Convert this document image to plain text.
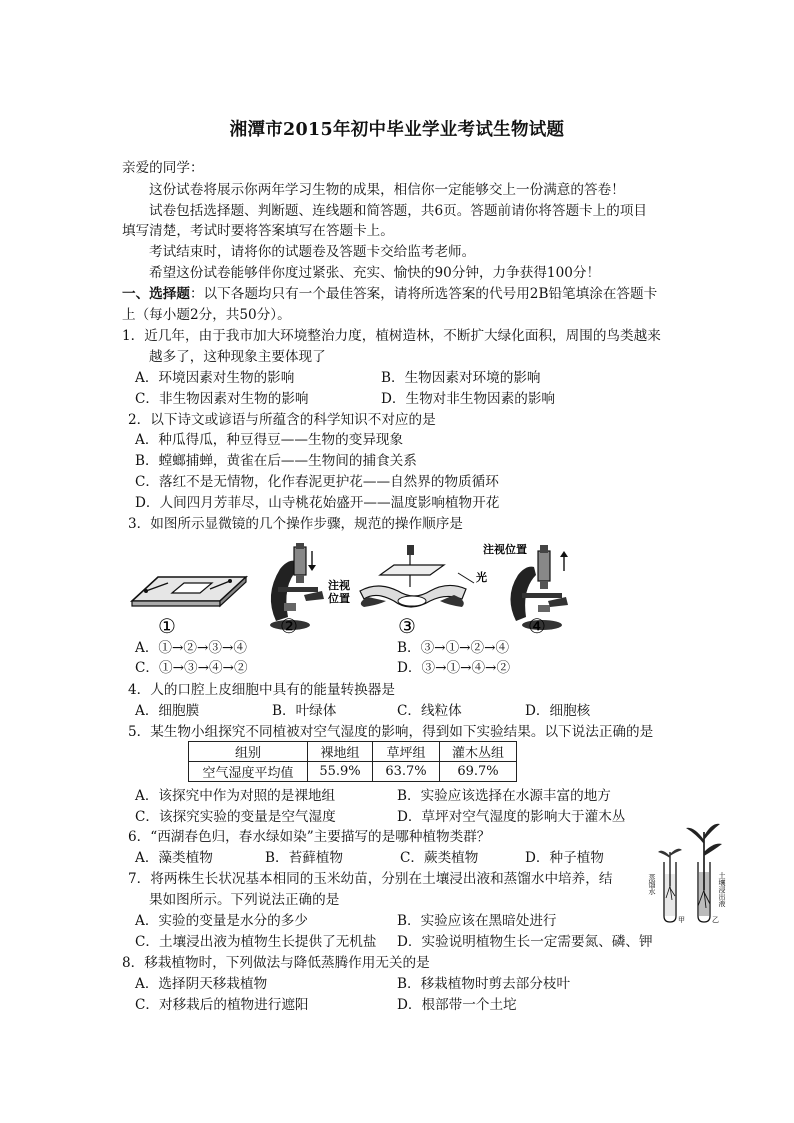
湘潭市2015年初中毕业学业考试生物试题
亲爱的同学：
这份试卷将展示你两年学习生物的成果，相信你一定能够交上一份满意的答卷！
试卷包括选择题、判断题、连线题和简答题，共6页。答题前请你将答题卡上的项目
填写清楚，考试时要将答案填写在答题卡上。
考试结束时，请将你的试题卷及答题卡交给监考老师。
希望这份试卷能够伴你度过紧张、充实、愉快的90分钟，力争获得100分！
一、选择题：以下各题均只有一个最佳答案，请将所选答案的代号用2B铅笔填涂在答题卡
上（每小题2分，共50分）。
1．近几年，由于我市加大环境整治力度，植树造林，不断扩大绿化面积，周围的鸟类越来
越多了，这种现象主要体现了
A．环境因素对生物的影响	B．生物因素对环境的影响
C．非生物因素对生物的影响	D．生物对非生物因素的影响
2．以下诗文或谚语与所蕴含的科学知识不对应的是
A．种瓜得瓜，种豆得豆——生物的变异现象
B．螳螂捕蝉，黄雀在后——生物间的捕食关系
C．落红不是无情物，化作春泥更护花——自然界的物质循环
D．人间四月芳菲尽，山寺桃花始盛开——温度影响植物开花
3．如图所示显微镜的几个操作步骤，规范的操作顺序是
注视位置
注视
位置
光
①	②	③	④
A．①→②→③→④	B．③→①→②→④
C．①→③→④→②	D．③→①→④→②
4．人的口腔上皮细胞中具有的能量转换器是
A．细胞膜	B．叶绿体	C．线粒体	D．细胞核
5．某生物小组探究不同植被对空气湿度的影响，得到如下实验结果。以下说法正确的是
组别	裸地组	草坪组	灌木丛组
空气湿度平均值	55.9%	63.7%	69.7%
A．该探究中作为对照的是裸地组	B．实验应该选择在水源丰富的地方
C．该探究实验的变量是空气湿度	D．草坪对空气湿度的影响大于灌木丛
6．“西湖春色归，春水绿如染”主要描写的是哪种植物类群？
A．藻类植物	B．苔藓植物	C．蕨类植物	D．种子植物
7．将两株生长状况基本相同的玉米幼苗，分别在土壤浸出液和蒸馏水中培养，结
果如图所示。下列说法正确的是
蒸馏水	土壤浸出液
甲	乙
A．实验的变量是水分的多少	B．实验应该在黑暗处进行
C．土壤浸出液为植物生长提供了无机盐 D．实验说明植物生长一定需要氮、磷、钾
8．移栽植物时，下列做法与降低蒸腾作用无关的是
A．选择阴天移栽植物	B．移栽植物时剪去部分枝叶
C．对移栽后的植物进行遮阳	D．根部带一个土坨
